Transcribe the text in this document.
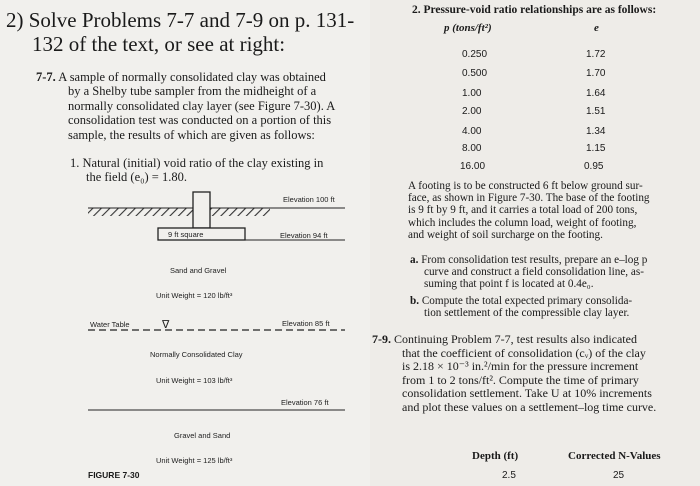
2) Solve Problems 7-7 and 7-9 on p. 131-
132 of the text, or see at right:
7-7. A sample of normally consolidated clay was obtained
by a Shelby tube sampler from the midheight of a
normally consolidated clay layer (see Figure 7-30). A
consolidation test was conducted on a portion of this
sample, the results of which are given as follows:
1. Natural (initial) void ratio of the clay existing in
the field (e₀) = 1.80.
Elevation 100 ft
9 ft square	Elevation 94 ft
Sand and Gravel
Unit Weight = 120 lb/ft³
Water Table	∇	Elevation 85 ft
Normally Consolidated Clay
Unit Weight = 103 lb/ft³
Elevation 76 ft
Gravel and Sand
Unit Weight = 125 lb/ft³
FIGURE 7-30
2. Pressure-void ratio relationships are as follows:
p (tons/ft²)	e
0.250	1.72
0.500	1.70
1.00	1.64
2.00	1.51
4.00	1.34
8.00	1.15
16.00	0.95
A footing is to be constructed 6 ft below ground sur-
face, as shown in Figure 7-30. The base of the footing
is 9 ft by 9 ft, and it carries a total load of 200 tons,
which includes the column load, weight of footing,
and weight of soil surcharge on the footing.
a. From consolidation test results, prepare an e–log p
curve and construct a field consolidation line, as-
suming that point f is located at 0.4e₀.
b. Compute the total expected primary consolida-
tion settlement of the compressible clay layer.
7-9. Continuing Problem 7-7, test results also indicated
that the coefficient of consolidation (cᵥ) of the clay
is 2.18 × 10⁻³ in.²/min for the pressure increment
from 1 to 2 tons/ft². Compute the time of primary
consolidation settlement. Take U at 10% increments
and plot these values on a settlement–log time curve.
Depth (ft)	Corrected N-Values
2.5	25
